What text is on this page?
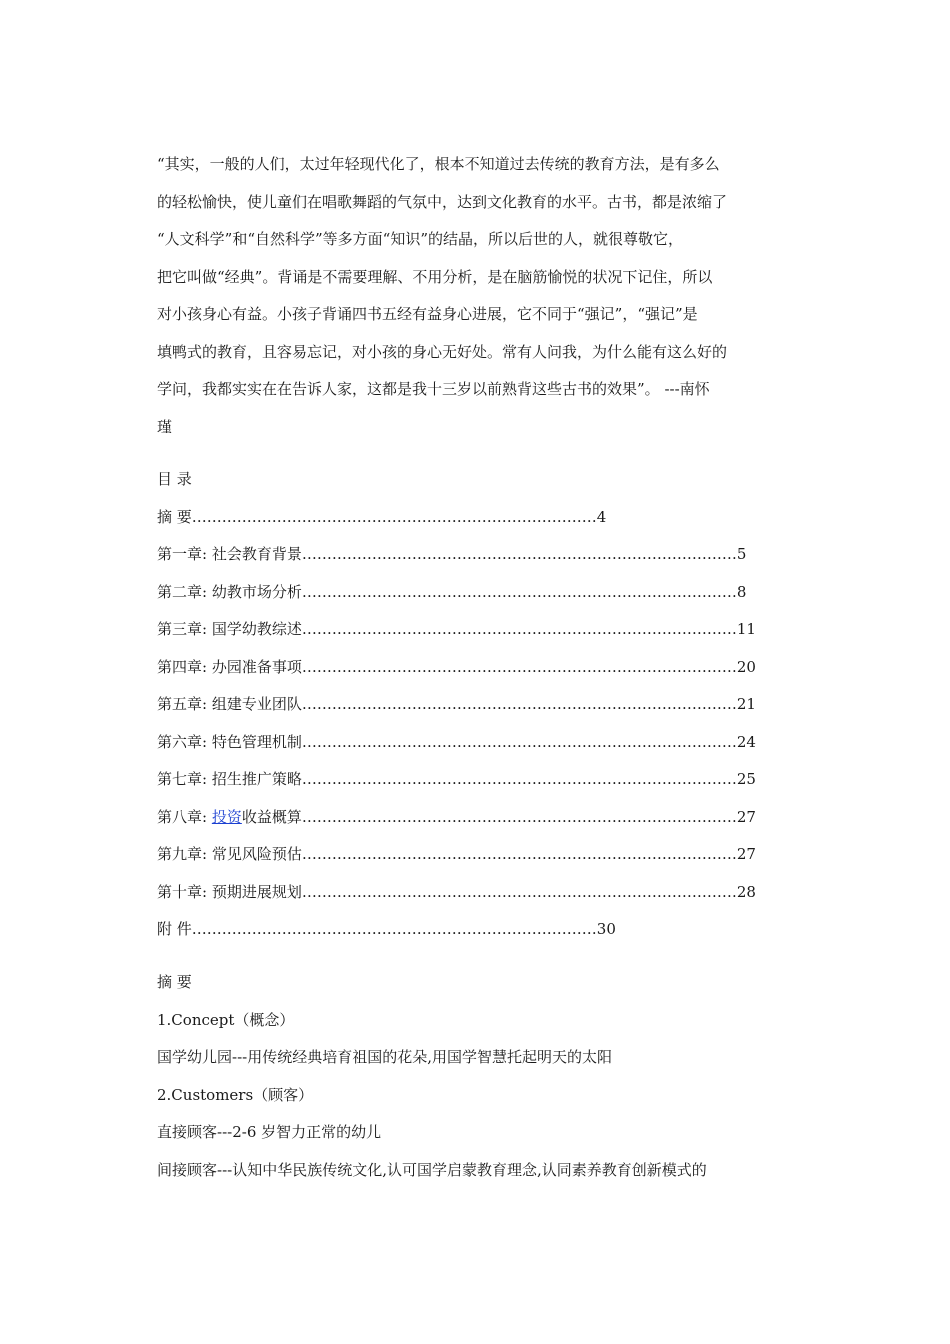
“其实，一般的人们，太过年轻现代化了，根本不知道过去传统的教育方法，是有多么
的轻松愉快，使儿童们在唱歌舞蹈的气氛中，达到文化教育的水平。古书，都是浓缩了
“人文科学”和“自然科学”等多方面“知识”的结晶，所以后世的人，就很尊敬它，
把它叫做“经典”。背诵是不需要理解、不用分析，是在脑筋愉悦的状况下记住，所以
对小孩身心有益。小孩子背诵四书五经有益身心进展，它不同于“强记”，“强记”是
填鸭式的教育，且容易忘记，对小孩的身心无好处。常有人问我，为什么能有这么好的
学问，我都实实在在告诉人家，这都是我十三岁以前熟背这些古书的效果”。 ---南怀
瑾
目 录
摘 要………………………………………………………………………4
第一章: 社会教育背景……………………………………………………………………………5
第二章: 幼教市场分析……………………………………………………………………………8
第三章: 国学幼教综述……………………………………………………………………………11
第四章: 办园准备事项……………………………………………………………………………20
第五章: 组建专业团队……………………………………………………………………………21
第六章: 特色管理机制……………………………………………………………………………24
第七章: 招生推广策略……………………………………………………………………………25
第八章: 投资收益概算……………………………………………………………………………27
第九章: 常见风险预估……………………………………………………………………………27
第十章: 预期进展规划……………………………………………………………………………28
附 件………………………………………………………………………30
摘 要
1.Concept（概念）
国学幼儿园---用传统经典培育祖国的花朵,用国学智慧托起明天的太阳
2.Customers（顾客）
直接顾客---2-6 岁智力正常的幼儿
间接顾客---认知中华民族传统文化,认可国学启蒙教育理念,认同素养教育创新模式的
